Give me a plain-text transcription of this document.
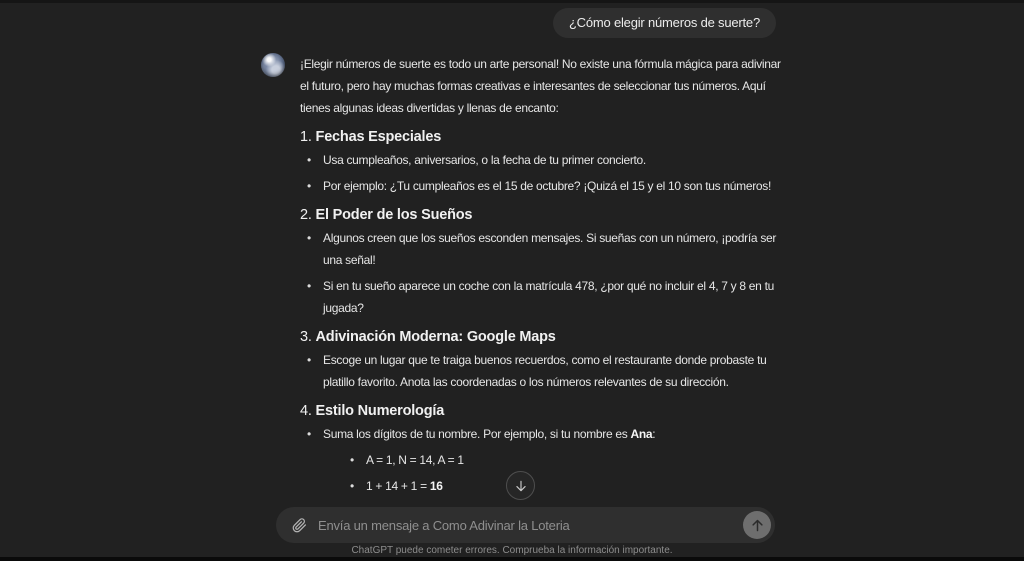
¿Cómo elegir números de suerte?

¡Elegir números de suerte es todo un arte personal! No existe una fórmula mágica para adivinar el futuro, pero hay muchas formas creativas e interesantes de seleccionar tus números. Aquí tienes algunas ideas divertidas y llenas de encanto:

1. Fechas Especiales
• Usa cumpleaños, aniversarios, o la fecha de tu primer concierto.
• Por ejemplo: ¿Tu cumpleaños es el 15 de octubre? ¡Quizá el 15 y el 10 son tus números!
2. El Poder de los Sueños
• Algunos creen que los sueños esconden mensajes. Si sueñas con un número, ¡podría ser una señal!
• Si en tu sueño aparece un coche con la matrícula 478, ¿por qué no incluir el 4, 7 y 8 en tu jugada?
3. Adivinación Moderna: Google Maps
• Escoge un lugar que te traiga buenos recuerdos, como el restaurante donde probaste tu platillo favorito. Anota las coordenadas o los números relevantes de su dirección.
4. Estilo Numerología
• Suma los dígitos de tu nombre. Por ejemplo, si tu nombre es Ana:
• A = 1, N = 14, A = 1
• 1 + 14 + 1 = 16
•
Envía un mensaje a Como Adivinar la Loteria
ChatGPT puede cometer errores. Comprueba la información importante.
